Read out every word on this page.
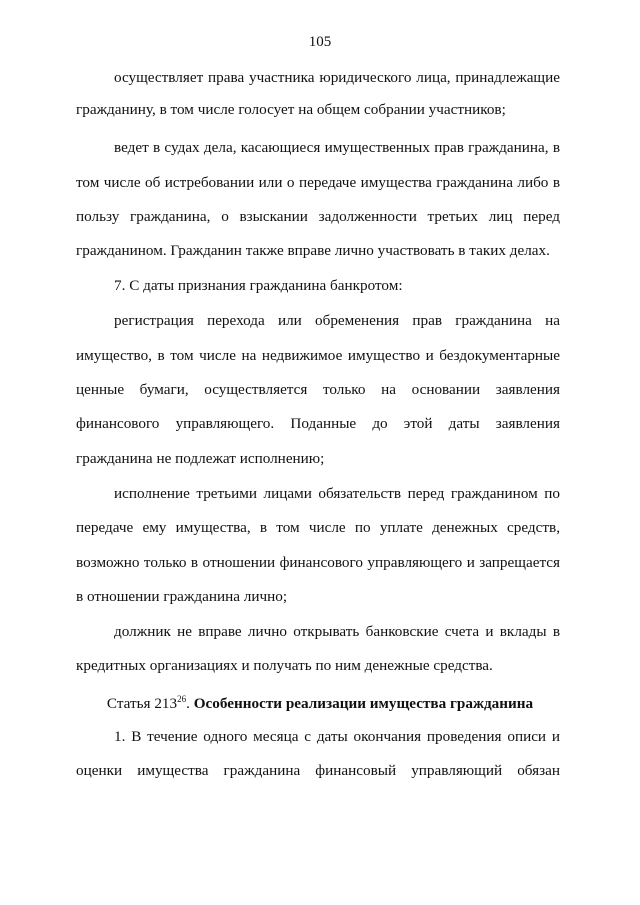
105
осуществляет права участника юридического лица, принадлежащие
гражданину, в том числе голосует на общем собрании участников;
ведет в судах дела, касающиеся имущественных прав гражданина, в
том числе об истребовании или о передаче имущества гражданина либо в
пользу гражданина, о взыскании задолженности третьих лиц перед
гражданином. Гражданин также вправе лично участвовать в таких делах.
7. С даты признания гражданина банкротом:
регистрация перехода или обременения прав гражданина на
имущество, в том числе на недвижимое имущество и бездокументарные
ценные бумаги, осуществляется только на основании заявления
финансового управляющего. Поданные до этой даты заявления
гражданина не подлежат исполнению;
исполнение третьими лицами обязательств перед гражданином по
передаче ему имущества, в том числе по уплате денежных средств,
возможно только в отношении финансового управляющего и запрещается
в отношении гражданина лично;
должник не вправе лично открывать банковские счета и вклады в
кредитных организациях и получать по ним денежные средства.
Статья $213^{26}$. Особенности реализации имущества гражданина
1. В течение одного месяца с даты окончания проведения описи и
оценки имущества гражданина финансовый управляющий обязан
